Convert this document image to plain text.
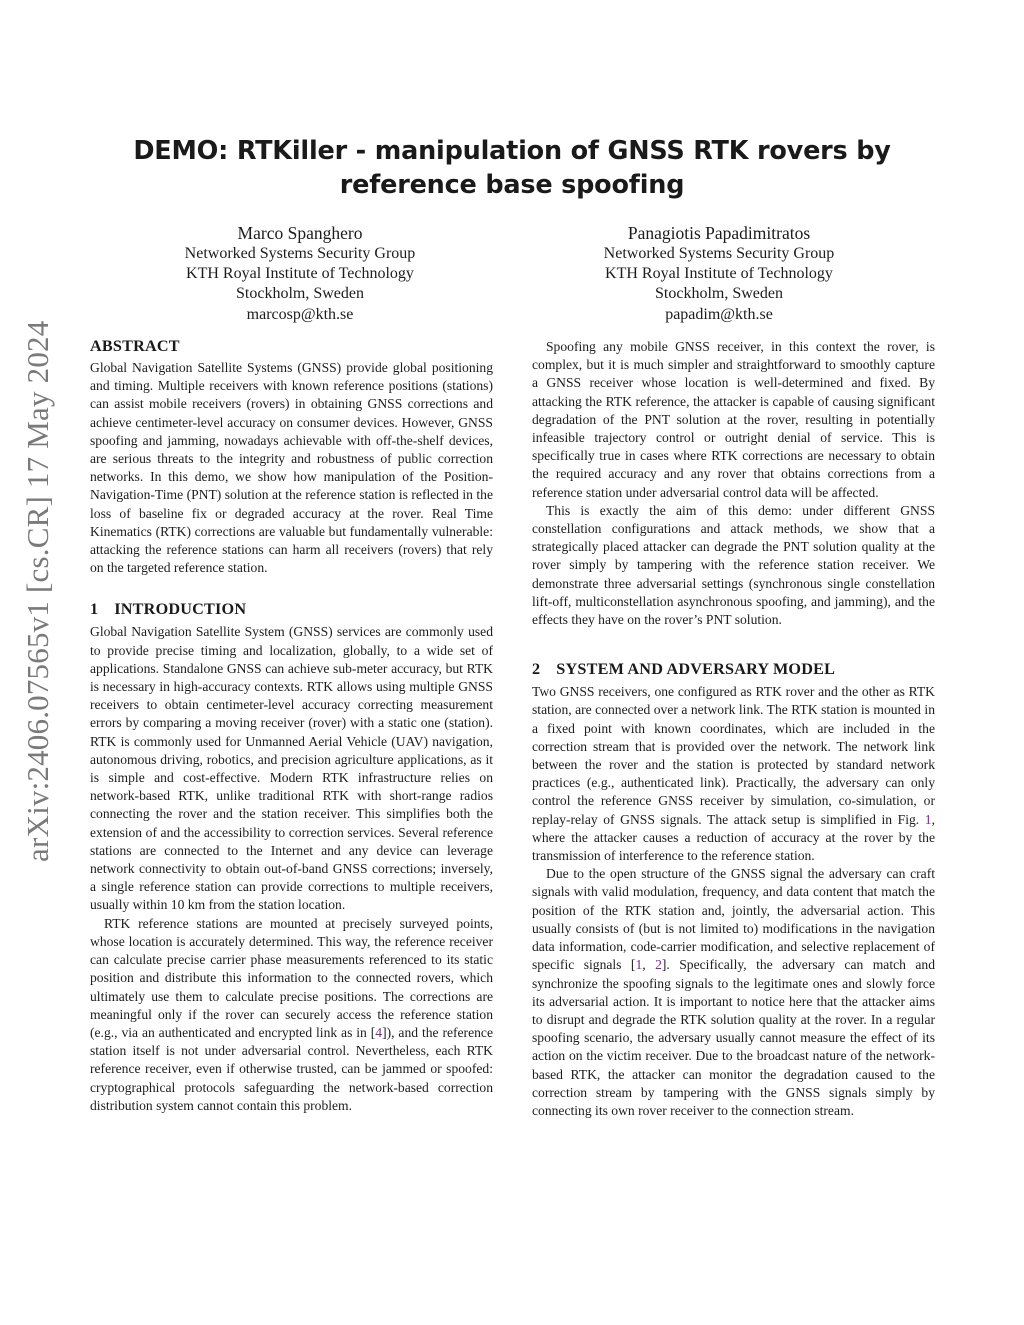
arXiv:2406.07565v1 [cs.CR] 17 May 2024
DEMO: RTKiller - manipulation of GNSS RTK rovers by reference base spoofing
Marco Spanghero
Networked Systems Security Group
KTH Royal Institute of Technology
Stockholm, Sweden
marcosp@kth.se
Panagiotis Papadimitratos
Networked Systems Security Group
KTH Royal Institute of Technology
Stockholm, Sweden
papadim@kth.se
ABSTRACT

Global Navigation Satellite Systems (GNSS) provide global positioning and timing. Multiple receivers with known reference positions (stations) can assist mobile receivers (rovers) in obtaining GNSS corrections and achieve centimeter-level accuracy on consumer devices. However, GNSS spoofing and jamming, nowadays achievable with off-the-shelf devices, are serious threats to the integrity and robustness of public correction networks. In this demo, we show how manipulation of the Position-Navigation-Time (PNT) solution at the reference station is reflected in the loss of baseline fix or degraded accuracy at the rover. Real Time Kinematics (RTK) corrections are valuable but fundamentally vulnerable: attacking the reference stations can harm all receivers (rovers) that rely on the targeted reference station.

1 INTRODUCTION

Global Navigation Satellite System (GNSS) services are commonly used to provide precise timing and localization, globally, to a wide set of applications. Standalone GNSS can achieve sub-meter accuracy, but RTK is necessary in high-accuracy contexts. RTK allows using multiple GNSS receivers to obtain centimeter-level accuracy correcting measurement errors by comparing a moving receiver (rover) with a static one (station). RTK is commonly used for Unmanned Aerial Vehicle (UAV) navigation, autonomous driving, robotics, and precision agriculture applications, as it is simple and cost-effective. Modern RTK infrastructure relies on network-based RTK, unlike traditional RTK with short-range radios connecting the rover and the station receiver. This simplifies both the extension of and the accessibility to correction services. Several reference stations are connected to the Internet and any device can leverage network connectivity to obtain out-of-band GNSS corrections; inversely, a single reference station can provide corrections to multiple receivers, usually within 10 km from the station location.

RTK reference stations are mounted at precisely surveyed points, whose location is accurately determined. This way, the reference receiver can calculate precise carrier phase measurements referenced to its static position and distribute this information to the connected rovers, which ultimately use them to calculate precise positions. The corrections are meaningful only if the rover can securely access the reference station (e.g., via an authenticated and encrypted link as in [4]), and the reference station itself is not under adversarial control. Nevertheless, each RTK reference receiver, even if otherwise trusted, can be jammed or spoofed: cryptographical protocols safeguarding the network-based correction distribution system cannot contain this problem.

Spoofing any mobile GNSS receiver, in this context the rover, is complex, but it is much simpler and straightforward to smoothly capture a GNSS receiver whose location is well-determined and fixed. By attacking the RTK reference, the attacker is capable of causing significant degradation of the PNT solution at the rover, resulting in potentially infeasible trajectory control or outright denial of service. This is specifically true in cases where RTK corrections are necessary to obtain the required accuracy and any rover that obtains corrections from a reference station under adversarial control data will be affected.

This is exactly the aim of this demo: under different GNSS constellation configurations and attack methods, we show that a strategically placed attacker can degrade the PNT solution quality at the rover simply by tampering with the reference station receiver. We demonstrate three adversarial settings (synchronous single constellation lift-off, multiconstellation asynchronous spoofing, and jamming), and the effects they have on the rover’s PNT solution.

2 SYSTEM AND ADVERSARY MODEL

Two GNSS receivers, one configured as RTK rover and the other as RTK station, are connected over a network link. The RTK station is mounted in a fixed point with known coordinates, which are included in the correction stream that is provided over the network. The network link between the rover and the station is protected by standard network practices (e.g., authenticated link). Practically, the adversary can only control the reference GNSS receiver by simulation, co-simulation, or replay-relay of GNSS signals. The attack setup is simplified in Fig. 1, where the attacker causes a reduction of accuracy at the rover by the transmission of interference to the reference station.

Due to the open structure of the GNSS signal the adversary can craft signals with valid modulation, frequency, and data content that match the position of the RTK station and, jointly, the adversarial action. This usually consists of (but is not limited to) modifications in the navigation data information, code-carrier modification, and selective replacement of specific signals [1, 2]. Specifically, the adversary can match and synchronize the spoofing signals to the legitimate ones and slowly force its adversarial action. It is important to notice here that the attacker aims to disrupt and degrade the RTK solution quality at the rover. In a regular spoofing scenario, the adversary usually cannot measure the effect of its action on the victim receiver. Due to the broadcast nature of the network-based RTK, the attacker can monitor the degradation caused to the correction stream by tampering with the GNSS signals simply by connecting its own rover receiver to the connection stream.
